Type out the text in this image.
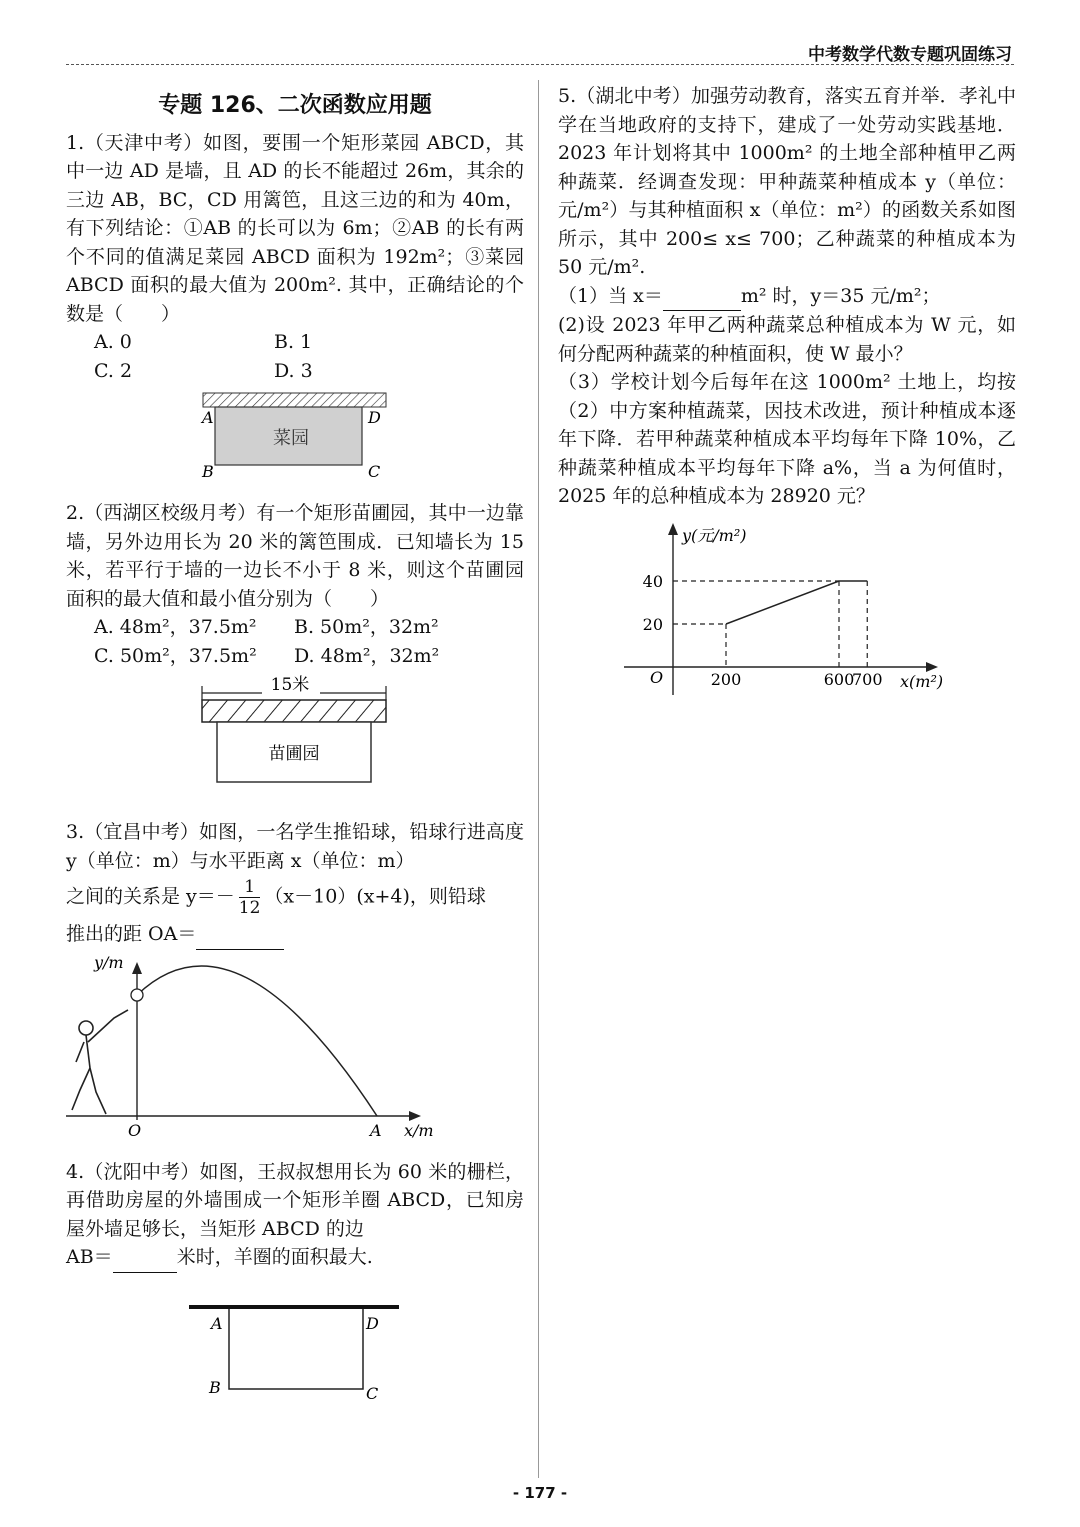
中考数学代数专题巩固练习
专题 126、二次函数应用题

1.（天津中考）如图，要围一个矩形菜园 ABCD，其中一边 AD 是墙，且 AD 的长不能超过 26m，其余的三边 AB，BC，CD 用篱笆，且这三边的和为 40m，有下列结论：①AB 的长可以为 6m；②AB 的长有两个不同的值满足菜园 ABCD 面积为 192m²；③菜园 ABCD 面积的最大值为 200m². 其中，正确结论的个数是（　　）

A. 0	B. 1
C. 2	D. 3
菜园
A	D
B	C

2.（西湖区校级月考）有一个矩形苗圃园，其中一边靠墙，另外边用长为 20 米的篱笆围成．已知墙长为 15 米，若平行于墙的一边长不小于 8 米，则这个苗圃园面积的最大值和最小值分别为（　　）

A. 48m²，37.5m²	B. 50m²，32m²
C. 50m²，37.5m²	D. 48m²，32m²
15米
苗圃园

3.（宜昌中考）如图，一名学生推铅球，铅球行进高度 y（单位：m）与水平距离 x（单位：m）

之间的关系是 $y=- \frac{1}{12} (x-10)(x+4)$，则铅球

推出的距 OA＝

y/m
O	A x/m

4.（沈阳中考）如图，王叔叔想用长为 60 米的栅栏，再借助房屋的外墙围成一个矩形羊圈 ABCD，已知房屋外墙足够长，当矩形 ABCD 的边

AB＝	米时，羊圈的面积最大.

A	D
B	C

5.（湖北中考）加强劳动教育，落实五育并举．孝礼中学在当地政府的支持下，建成了一处劳动实践基地．2023 年计划将其中 1000m² 的土地全部种植甲乙两种蔬菜．经调查发现：甲种蔬菜种植成本 y（单位：元/m²）与其种植面积 x（单位：m²）的函数关系如图所示，其中 200≤ x≤ 700；乙种蔬菜的种植成本为 50 元/m².

（1）当 x＝	m² 时，y＝35 元/m²；

(2)设 2023 年甲乙两种蔬菜总种植成本为 W 元，如何分配两种蔬菜的种植面积，使 W 最小？

（3）学校计划今后每年在这 1000m² 土地上，均按（2）中方案种植蔬菜，因技术改进，预计种植成本逐年下降．若甲种蔬菜种植成本平均每年下降 10%，乙种蔬菜种植成本平均每年下降 a%，当 a 为何值时，2025 年的总种植成本为 28920 元？

y(元/m²)
x(m²)
O	200	600
700
20
40
- 177 -
